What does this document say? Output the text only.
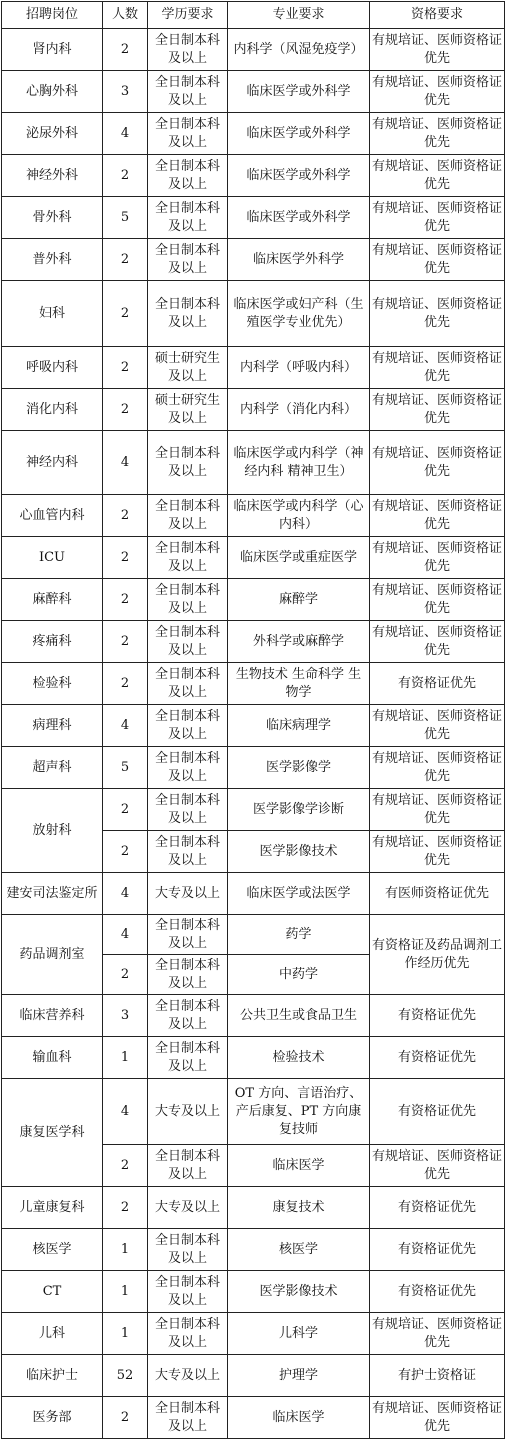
招聘岗位	人数	学历要求	专业要求	资格要求
肾内科	2	全日制本科及以上	内科学（风湿免疫学）	有规培证、医师资格证优先
心胸外科	3	全日制本科及以上	临床医学或外科学	有规培证、医师资格证优先
泌尿外科	4	全日制本科及以上	临床医学或外科学	有规培证、医师资格证优先
神经外科	2	全日制本科及以上	临床医学或外科学	有规培证、医师资格证优先
骨外科	5	全日制本科及以上	临床医学或外科学	有规培证、医师资格证优先
普外科	2	全日制本科及以上	临床医学外科学	有规培证、医师资格证优先
妇科	2	全日制本科及以上	临床医学或妇产科（生殖医学专业优先）	有规培证、医师资格证优先
呼吸内科	2	硕士研究生及以上	内科学（呼吸内科）	有规培证、医师资格证优先
消化内科	2	硕士研究生及以上	内科学（消化内科）	有规培证、医师资格证优先
神经内科	4	全日制本科及以上	临床医学或内科学（神经内科 精神卫生）	有规培证、医师资格证优先
心血管内科	2	全日制本科及以上	临床医学或内科学（心内科）	有规培证、医师资格证优先
ICU	2	全日制本科及以上	临床医学或重症医学	有规培证、医师资格证优先
麻醉科	2	全日制本科及以上	麻醉学	有规培证、医师资格证优先
疼痛科	2	全日制本科及以上	外科学或麻醉学	有规培证、医师资格证优先
检验科	2	全日制本科及以上	生物技术 生命科学 生物学	有资格证优先
病理科	4	全日制本科及以上	临床病理学	有规培证、医师资格证优先
超声科	5	全日制本科及以上	医学影像学	有规培证、医师资格证优先
放射科	2	全日制本科及以上	医学影像学诊断	有规培证、医师资格证优先
	2	全日制本科及以上	医学影像技术	有规培证、医师资格证优先
建安司法鉴定所	4	大专及以上	临床医学或法医学	有医师资格证优先
药品调剂室	4	全日制本科及以上	药学	有资格证及药品调剂工作经历优先
	2	全日制本科及以上	中药学	
临床营养科	3	全日制本科及以上	公共卫生或食品卫生	有资格证优先
输血科	1	全日制本科及以上	检验技术	有资格证优先
康复医学科	4	大专及以上	OT 方向、言语治疗、产后康复、PT 方向康复技师	有资格证优先
	2	全日制本科及以上	临床医学	有规培证、医师资格证优先
儿童康复科	2	大专及以上	康复技术	有资格证优先
核医学	1	全日制本科及以上	核医学	有资格证优先
CT	1	全日制本科及以上	医学影像技术	有资格证优先
儿科	1	全日制本科及以上	儿科学	有规培证、医师资格证优先
临床护士	52	大专及以上	护理学	有护士资格证
医务部	2	全日制本科及以上	临床医学	有规培证、医师资格证优先
